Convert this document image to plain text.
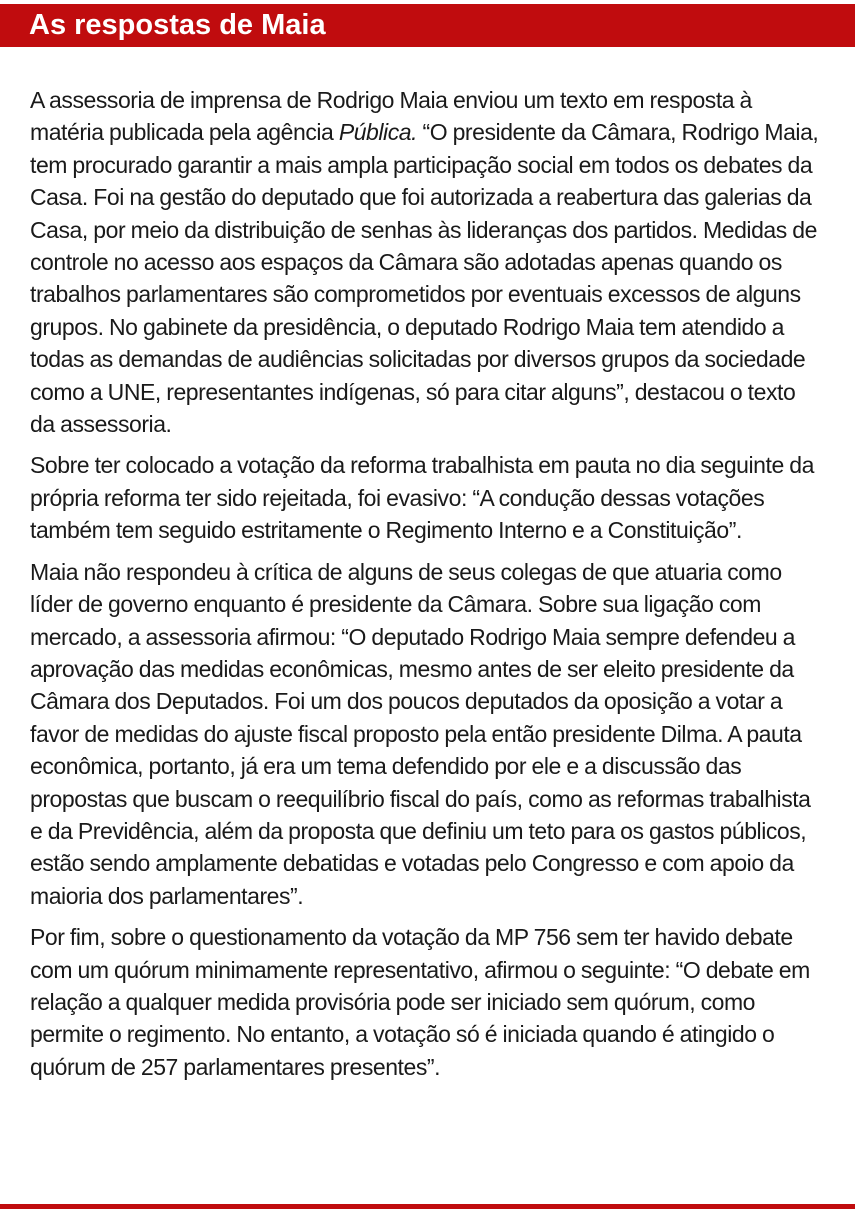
As respostas de Maia

A assessoria de imprensa de Rodrigo Maia enviou um texto em resposta à matéria publicada pela agência Pública. “O presidente da Câmara, Rodrigo Maia, tem procurado garantir a mais ampla participação social em todos os debates da Casa. Foi na gestão do deputado que foi autorizada a reabertura das galerias da Casa, por meio da distribuição de senhas às lideranças dos partidos. Medidas de controle no acesso aos espaços da Câmara são adotadas apenas quando os trabalhos parlamentares são comprometidos por eventuais excessos de alguns grupos. No gabinete da presidência, o deputado Rodrigo Maia tem atendido a todas as demandas de audiências solicitadas por diversos grupos da sociedade como a UNE, representantes indígenas, só para citar alguns”, destacou o texto da assessoria.

Sobre ter colocado a votação da reforma trabalhista em pauta no dia seguinte da própria reforma ter sido rejeitada, foi evasivo: “A condução dessas votações também tem seguido estritamente o Regimento Interno e a Constituição”.

Maia não respondeu à crítica de alguns de seus colegas de que atuaria como líder de governo enquanto é presidente da Câmara. Sobre sua ligação com mercado, a assessoria afirmou: “O deputado Rodrigo Maia sempre defendeu a aprovação das medidas econômicas, mesmo antes de ser eleito presidente da Câmara dos Deputados. Foi um dos poucos deputados da oposição a votar a favor de medidas do ajuste fiscal proposto pela então presidente Dilma. A pauta econômica, portanto, já era um tema defendido por ele e a discussão das propostas que buscam o reequilíbrio fiscal do país, como as reformas trabalhista e da Previdência, além da proposta que definiu um teto para os gastos públicos, estão sendo amplamente debatidas e votadas pelo Congresso e com apoio da maioria dos parlamentares”.

Por fim, sobre o questionamento da votação da MP 756 sem ter havido debate com um quórum minimamente representativo, afirmou o seguinte: “O debate em relação a qualquer medida provisória pode ser iniciado sem quórum, como permite o regimento. No entanto, a votação só é iniciada quando é atingido o quórum de 257 parlamentares presentes”.
